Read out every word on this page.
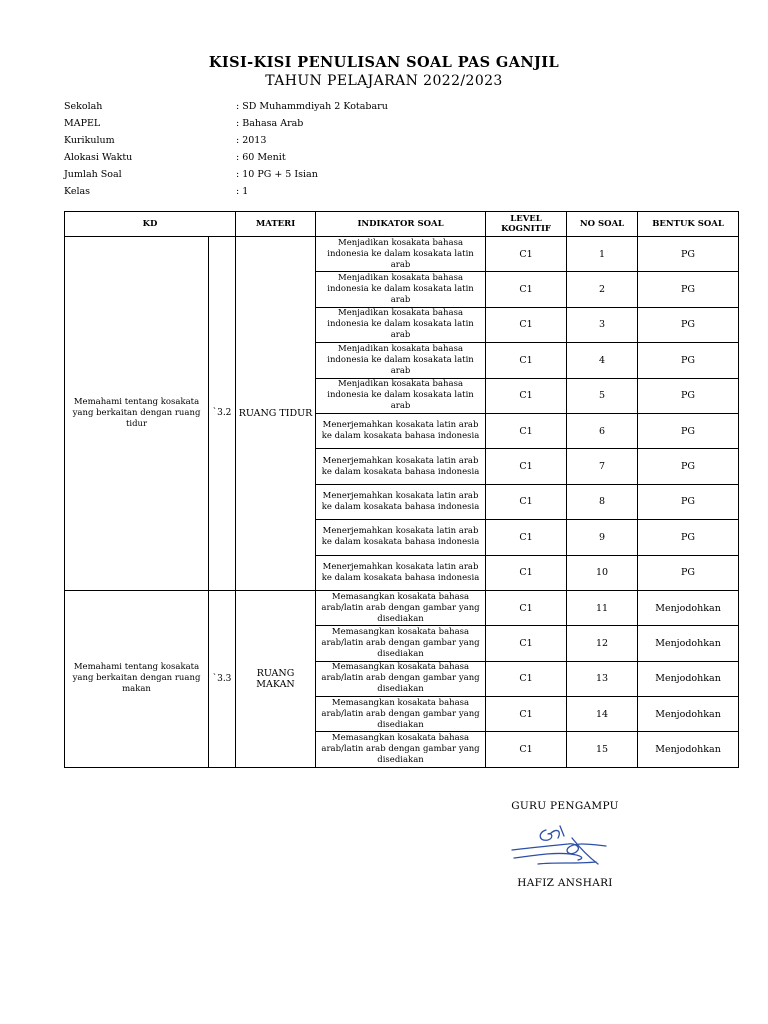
KISI-KISI PENULISAN SOAL PAS GANJIL
TAHUN PELAJARAN 2022/2023
Sekolah	: SD Muhammdiyah 2 Kotabaru
MAPEL	: Bahasa Arab
Kurikulum	: 2013
Alokasi Waktu	: 60 Menit
Jumlah Soal	: 10 PG + 5 Isian
Kelas	: 1
KD		MATERI	INDIKATOR SOAL	LEVEL KOGNITIF	NO SOAL	BENTUK SOAL
Memahami tentang kosakata yang berkaitan dengan ruang tidur	`3.2	RUANG TIDUR	Menjadikan kosakata bahasa indonesia ke dalam kosakata latin arab	C1	1	PG
			Menjadikan kosakata bahasa indonesia ke dalam kosakata latin arab	C1	2	PG
			Menjadikan kosakata bahasa indonesia ke dalam kosakata latin arab	C1	3	PG
			Menjadikan kosakata bahasa indonesia ke dalam kosakata latin arab	C1	4	PG
			Menjadikan kosakata bahasa indonesia ke dalam kosakata latin arab	C1	5	PG
			Menerjemahkan kosakata latin arab ke dalam kosakata bahasa indonesia	C1	6	PG
			Menerjemahkan kosakata latin arab ke dalam kosakata bahasa indonesia	C1	7	PG
			Menerjemahkan kosakata latin arab ke dalam kosakata bahasa indonesia	C1	8	PG
			Menerjemahkan kosakata latin arab ke dalam kosakata bahasa indonesia	C1	9	PG
			Menerjemahkan kosakata latin arab ke dalam kosakata bahasa indonesia	C1	10	PG
Memahami tentang kosakata yang berkaitan dengan ruang makan	`3.3	RUANG MAKAN	Memasangkan kosakata bahasa arab/latin arab dengan gambar yang disediakan	C1	11	Menjodohkan
			Memasangkan kosakata bahasa arab/latin arab dengan gambar yang disediakan	C1	12	Menjodohkan
			Memasangkan kosakata bahasa arab/latin arab dengan gambar yang disediakan	C1	13	Menjodohkan
			Memasangkan kosakata bahasa arab/latin arab dengan gambar yang disediakan	C1	14	Menjodohkan
			Memasangkan kosakata bahasa arab/latin arab dengan gambar yang disediakan	C1	15	Menjodohkan
GURU PENGAMPU
HAFIZ ANSHARI
